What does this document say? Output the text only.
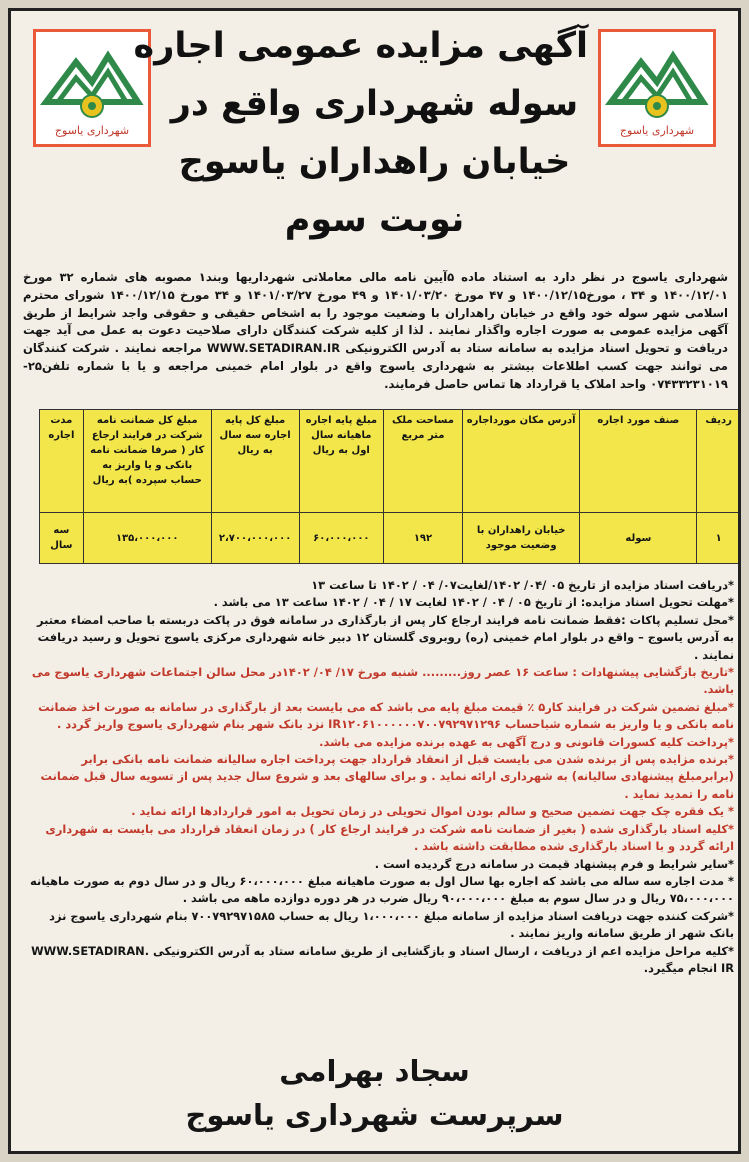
شهرداری یاسوج	شهرداری یاسوج
آگهی مزایده عمومی اجاره
سوله شهرداری واقع در
خیابان راهداران یاسوج
نوبت سوم

شهرداری یاسوج در نظر دارد به استناد ماده ۵آیین نامه مالی معاملاتی شهرداریها وبند۱ مصوبه های شماره ۳۲ مورخ ۱۴۰۰/۱۲/۰۱ و ۳۴ ، مورخ۱۴۰۰/۱۲/۱۵ و ۴۷ مورخ ۱۴۰۱/۰۳/۲۰ و ۴۹ مورخ ۱۴۰۱/۰۳/۲۷ و ۳۴ مورخ ۱۴۰۰/۱۲/۱۵ شورای محترم اسلامی شهر سوله خود واقع در خیابان راهداران با وضعیت موجود را به اشخاص حقیقی و حقوقی واجد شرایط از طریق آگهی مزایده عمومی به صورت اجاره واگذار نمایند . لذا از کلیه شرکت کنندگان دارای صلاحیت دعوت به عمل می آید جهت دریافت و تحویل اسناد مزایده به سامانه ستاد به آدرس الکترونیکی WWW.SETADIRAN.IR مراجعه نمایند . شرکت کنندگان می توانند جهت کسب اطلاعات بیشتر به شهرداری یاسوج واقع در بلوار امام خمینی مراجعه و یا با شماره تلفن۲۵- ۰۷۴۳۳۲۳۱۰۱۹ واحد املاک یا قرارداد ها تماس حاصل فرمایند.

ردیف	صنف مورد اجاره	آدرس مکان مورداجاره	مساحت ملک متر مربع	مبلغ پایه اجاره ماهیانه سال اول به ریال	مبلغ کل پایه اجاره سه سال به ریال	مبلغ کل ضمانت نامه شرکت در فرایند ارجاع کار ( صرفا ضمانت نامه بانکی و یا واریز به حساب سپرده )به ریال	مدت اجاره
۱	سوله	خیابان راهداران با وضعیت موجود	۱۹۲	۶۰،۰۰۰،۰۰۰	۲،۷۰۰،۰۰۰،۰۰۰	۱۳۵،۰۰۰،۰۰۰	سه سال

*دریافت اسناد مزایده از تاریخ ۰۵ /۰۴/ ۱۴۰۲/لغایت۰۷/ ۰۴ / ۱۴۰۲ تا ساعت ۱۳

*مهلت تحویل اسناد مزایده: از تاریخ ۰۵ / ۰۴ / ۱۴۰۲ لغایت ۱۷ / ۰۴ / ۱۴۰۲ ساعت ۱۳ می باشد .

*محل تسلیم پاکات :فقط ضمانت نامه فرایند ارجاع کار پس از بارگذاری در سامانه فوق در پاکت دربسته با صاحب امضاء معتبر به آدرس یاسوج – واقع در بلوار امام خمینی (ره) روبروی گلستان ۱۲ دبیر خانه شهرداری مرکزی یاسوج تحویل و رسید دریافت نمایند .

*تاریخ بازگشایی پیشنهادات : ساعت ۱۶ عصر روز......... شنبه مورخ ۱۷/ ۰۴/ ۱۴۰۲در محل سالن اجتماعات شهرداری یاسوج می باشد.

*مبلغ تضمین شرکت در فرایند کار۵ ٪ قیمت مبلغ پایه می باشد که می بایست بعد از بارگذاری در سامانه به صورت اخذ ضمانت نامه بانکی و یا واریز به شماره شباحساب IR۱۲۰۶۱۰۰۰۰۰۰۷۰۰۷۹۲۹۷۱۲۹۶ نزد بانک شهر بنام شهرداری یاسوج واریز گردد .

*پرداخت کلیه کسورات قانونی و درج آگهی به عهده برنده مزایده می باشد.

*برنده مزایده پس از برنده شدن می بایست قبل از انعقاد قرارداد جهت پرداخت اجاره سالیانه ضمانت نامه بانکی برابر (برابرمبلغ پیشنهادی سالیانه) به شهرداری ارائه نماید . و برای سالهای بعد و شروع سال جدید پس از تسویه سال قبل ضمانت نامه را تمدید نماید .

* یک فقره چک جهت تضمین صحیح و سالم بودن اموال تحویلی در زمان تحویل به امور قراردادها ارائه نماید .

*کلیه اسناد بارگذاری شده ( بغیر از ضمانت نامه شرکت در فرایند ارجاع کار ) در زمان انعقاد قرارداد می بایست به شهرداری ارائه گردد و با اسناد بارگذاری شده مطابقت داشته باشد .

*سایر شرایط و فرم پیشنهاد قیمت در سامانه درج گردیده است .

* مدت اجاره سه ساله می باشد که اجاره بها سال اول به صورت ماهیانه مبلغ ۶۰،۰۰۰،۰۰۰ ریال و در سال دوم به صورت ماهیانه ۷۵،۰۰۰،۰۰۰ ریال و در سال سوم به مبلغ ۹۰،۰۰۰،۰۰۰ ریال ضرب در هر دوره دوازده ماهه می باشد .

*شرکت کننده جهت دریافت اسناد مزایده از سامانه مبلغ ۱،۰۰۰،۰۰۰ ریال به حساب ۷۰۰۷۹۲۹۷۱۵۸۵ بنام شهرداری یاسوج نزد بانک شهر از طریق سامانه واریز نمایند .

*کلیه مراحل مزایده اعم از دریافت ، ارسال اسناد و بازگشایی از طریق سامانه ستاد به آدرس الکترونیکی .WWW.SETADIRAN IR انجام میگیرد.

سجاد بهرامی
سرپرست شهرداری یاسوج
